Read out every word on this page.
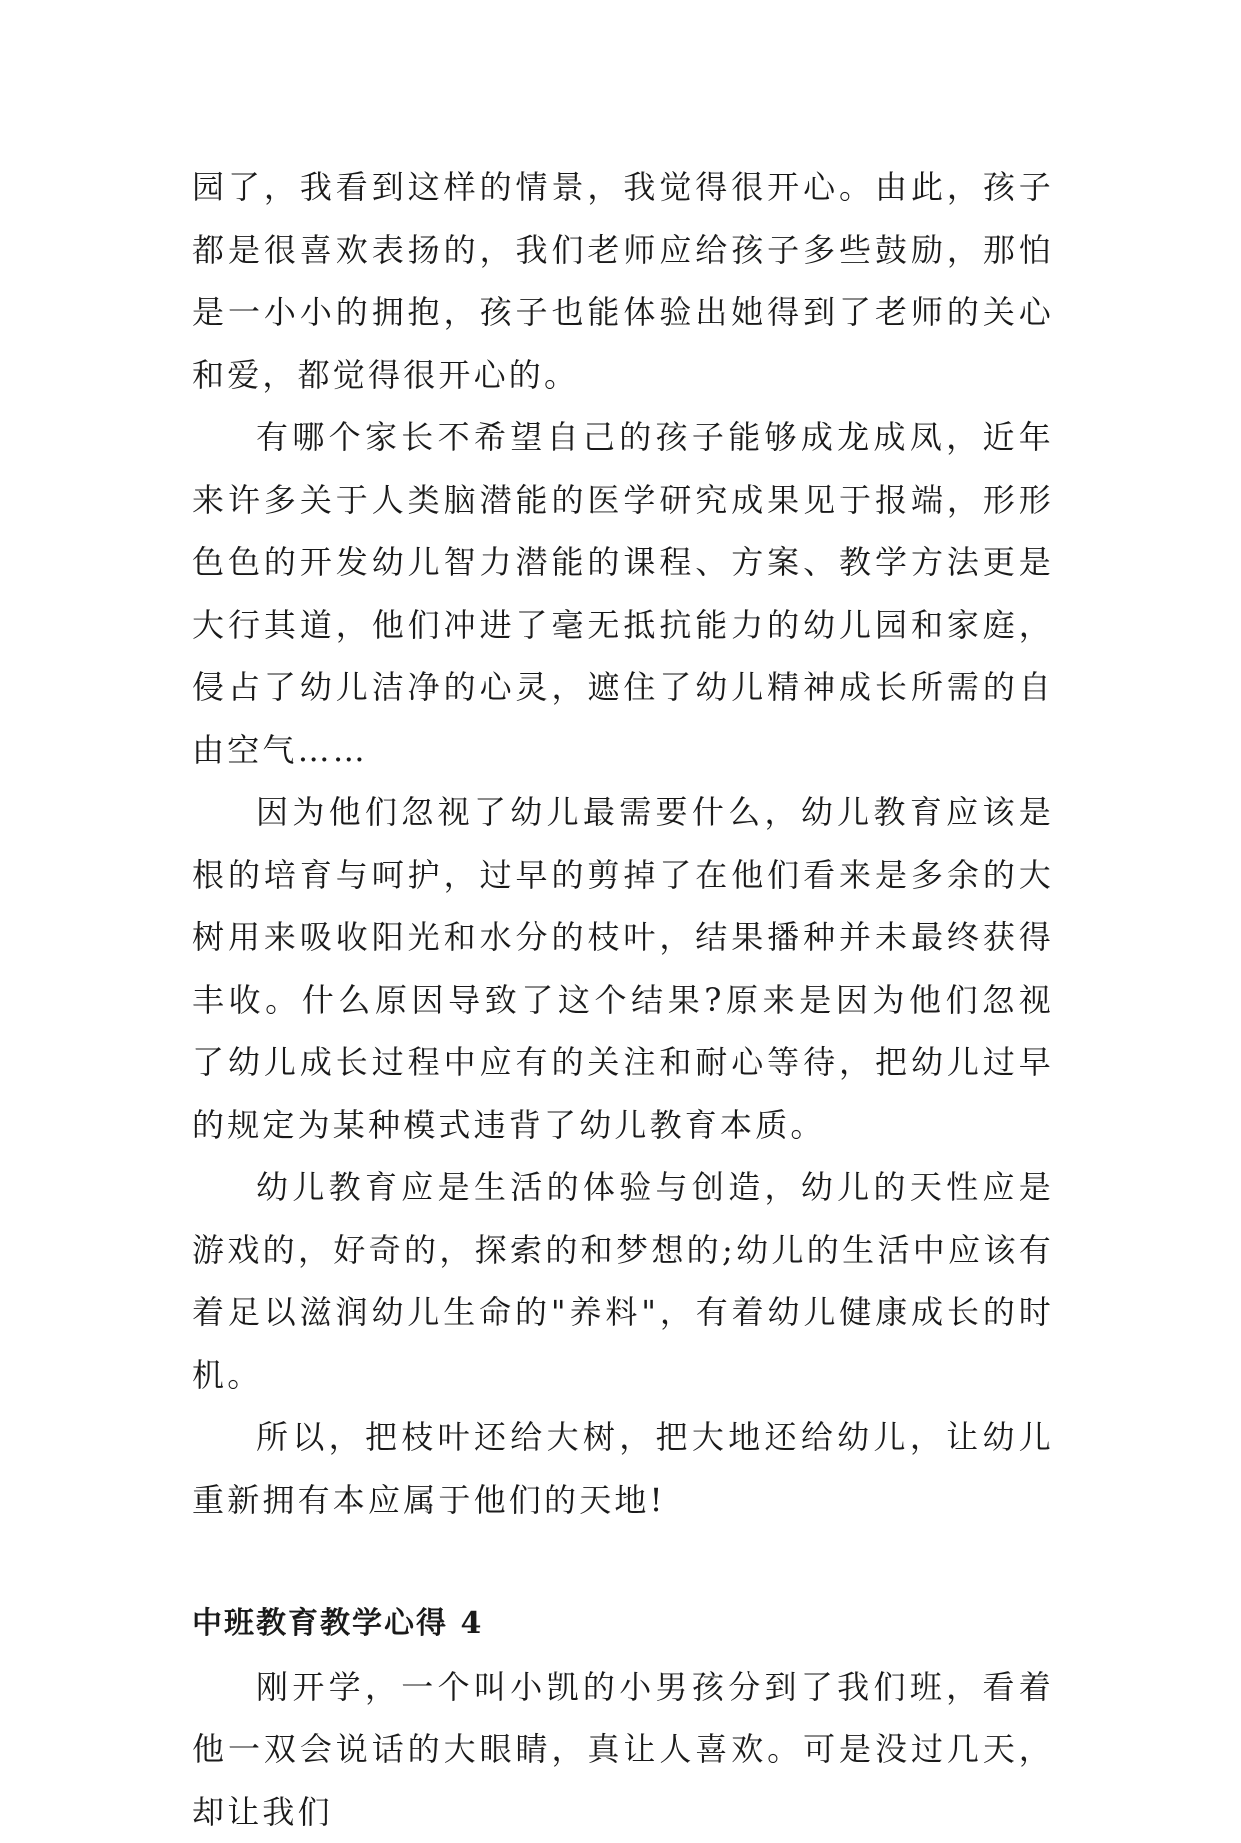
园了，我看到这样的情景，我觉得很开心。由此，孩子都是很喜欢表扬的，我们老师应给孩子多些鼓励，那怕是一小小的拥抱，孩子也能体验出她得到了老师的关心和爱，都觉得很开心的。

有哪个家长不希望自己的孩子能够成龙成凤，近年来许多关于人类脑潜能的医学研究成果见于报端，形形色色的开发幼儿智力潜能的课程、方案、教学方法更是大行其道，他们冲进了毫无抵抗能力的幼儿园和家庭，侵占了幼儿洁净的心灵，遮住了幼儿精神成长所需的自由空气……

因为他们忽视了幼儿最需要什么，幼儿教育应该是根的培育与呵护，过早的剪掉了在他们看来是多余的大树用来吸收阳光和水分的枝叶，结果播种并未最终获得丰收。什么原因导致了这个结果?原来是因为他们忽视了幼儿成长过程中应有的关注和耐心等待，把幼儿过早的规定为某种模式违背了幼儿教育本质。

幼儿教育应是生活的体验与创造，幼儿的天性应是游戏的，好奇的，探索的和梦想的;幼儿的生活中应该有着足以滋润幼儿生命的"养料"，有着幼儿健康成长的时机。

所以，把枝叶还给大树，把大地还给幼儿，让幼儿重新拥有本应属于他们的天地!

中班教育教学心得 4

刚开学，一个叫小凯的小男孩分到了我们班，看着他一双会说话的大眼睛，真让人喜欢。可是没过几天，却让我们
